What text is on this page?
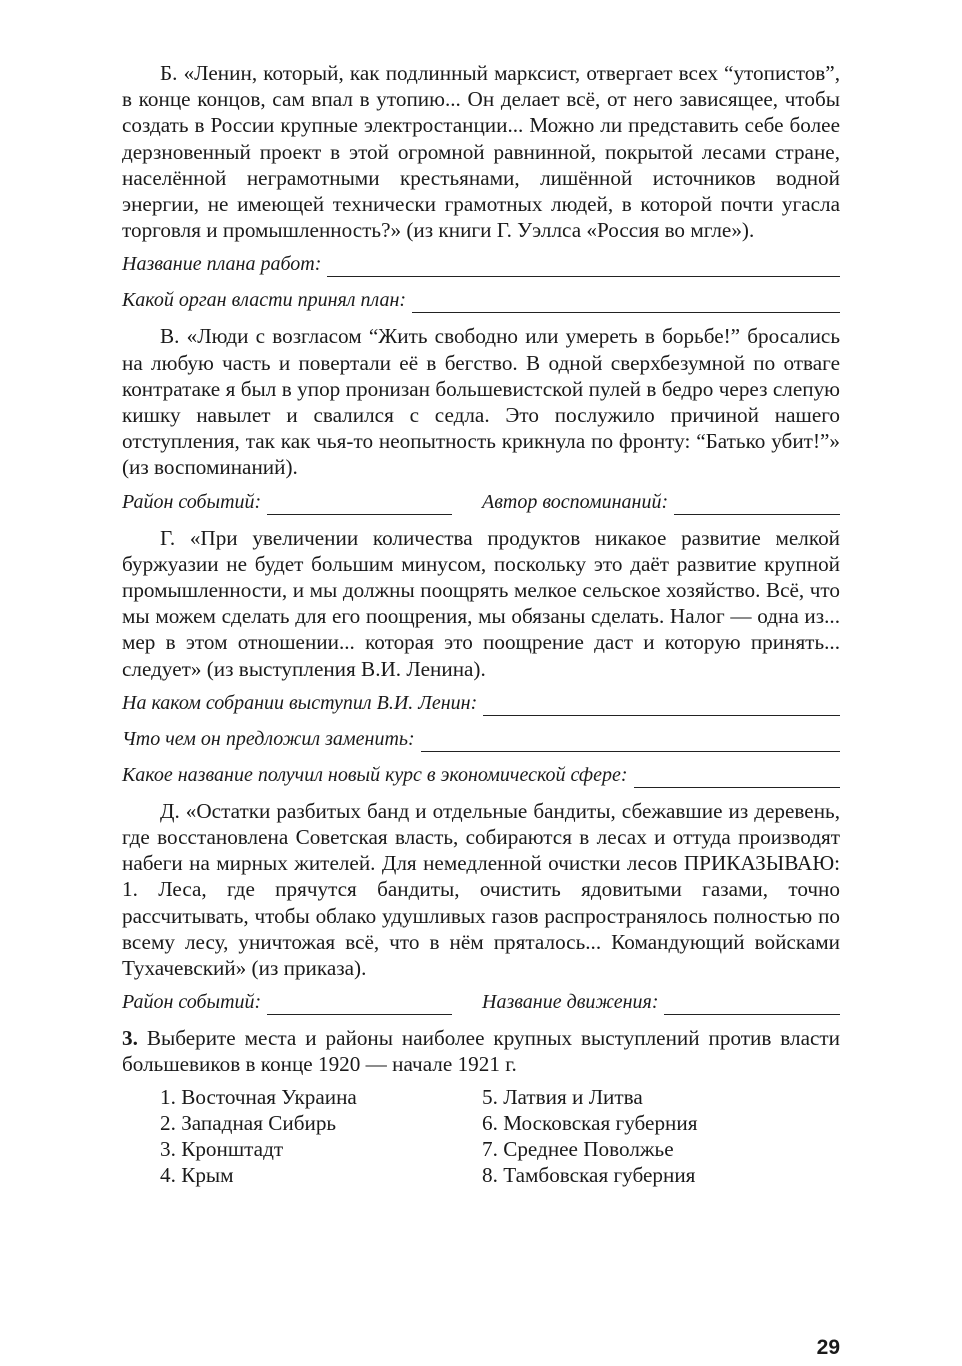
Б. «Ленин, который, как подлинный марксист, отвергает всех “утопистов”, в конце концов, сам впал в утопию... Он делает всё, от него зависящее, чтобы создать в России крупные электростанции... Можно ли представить себе более дерзновенный проект в этой огромной равнинной, покрытой лесами стране, населённой неграмотными крестьянами, лишённой источников водной энергии, не имеющей технически грамотных людей, в которой почти угасла торговля и промышленность?» (из книги Г. Уэллса «Россия во мгле»).

Название плана работ:
Какой орган власти принял план:

В. «Люди с возгласом “Жить свободно или умереть в борьбе!” бросались на любую часть и повертали её в бегство. В одной сверхбезумной по отваге контратаке я был в упор пронизан большевистской пулей в бедро через слепую кишку навылет и свалился с седла. Это послужило причиной нашего отступления, так как чья-то неопытность крикнула по фронту: “Батько убит!”» (из воспоминаний).

Район событий:	Автор воспоминаний:

Г. «При увеличении количества продуктов никакое развитие мелкой буржуазии не будет большим минусом, поскольку это даёт развитие крупной промышленности, и мы должны поощрять мелкое сельское хозяйство. Всё, что мы можем сделать для его поощрения, мы обязаны сделать. Налог — одна из... мер в этом отношении... которая это поощрение даст и которую принять... следует» (из выступления В.И. Ленина).

На каком собрании выступил В.И. Ленин:
Что чем он предложил заменить:
Какое название получил новый курс в экономической сфере:

Д. «Остатки разбитых банд и отдельные бандиты, сбежавшие из деревень, где восстановлена Советская власть, собираются в лесах и оттуда производят набеги на мирных жителей. Для немедленной очистки лесов ПРИКАЗЫВАЮ: 1. Леса, где прячутся бандиты, очистить ядовитыми газами, точно рассчитывать, чтобы облако удушливых газов распространялось полностью по всему лесу, уничтожая всё, что в нём пряталось... Командующий войсками Тухачевский» (из приказа).

Район событий:	Название движения:

3. Выберите места и районы наиболее крупных выступлений против власти большевиков в конце 1920 — начале 1921 г.

1. Восточная Украина	5. Латвия и Литва
2. Западная Сибирь	6. Московская губерния
3. Кронштадт	7. Среднее Поволжье
4. Крым	8. Тамбовская губерния
29
